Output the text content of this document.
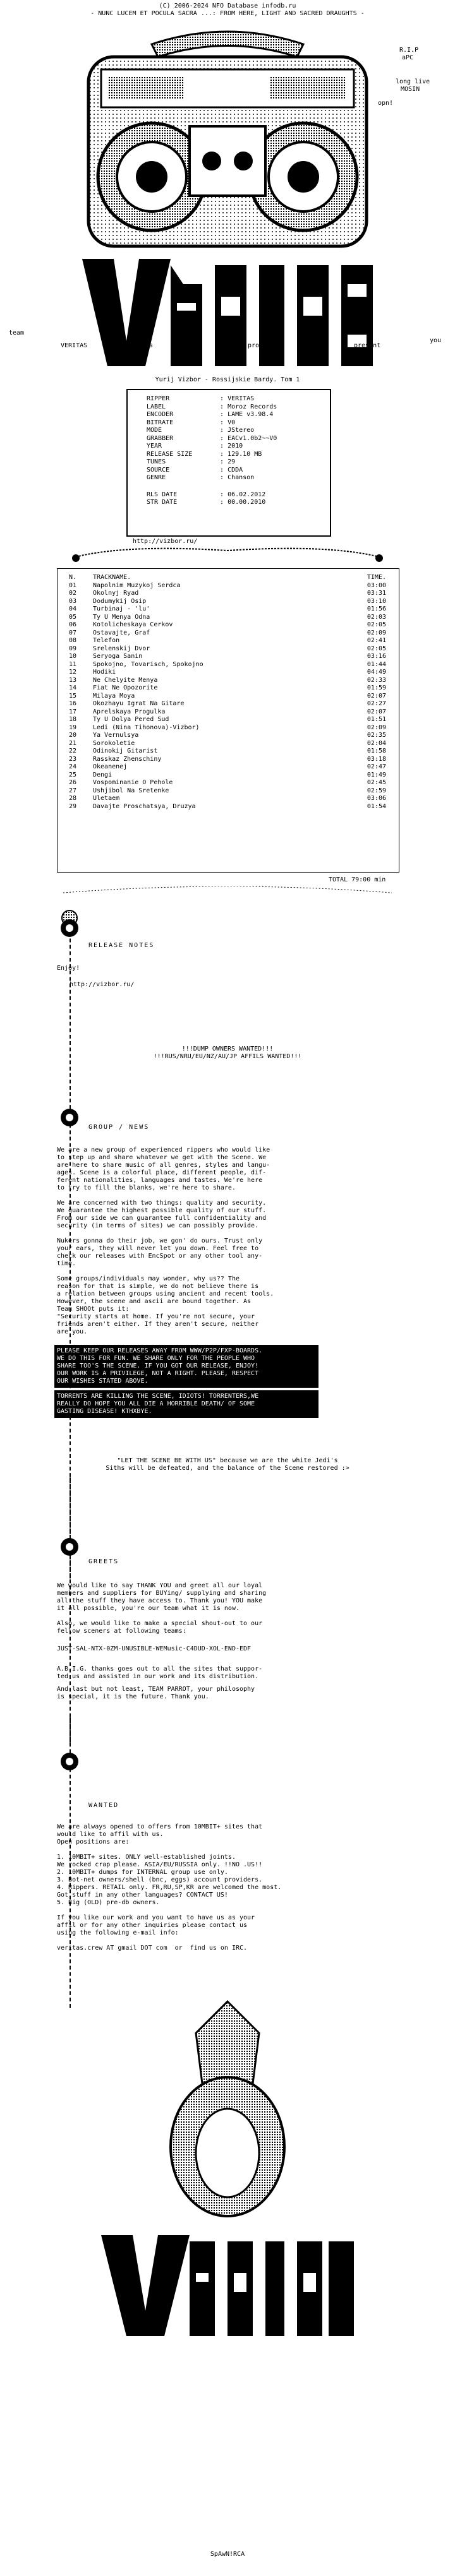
(C) 2006-2024 NFO Database infodb.ru
- NUNC LUCEM ET POCULA SACRA ...: FROM HERE, LIGHT AND SACRED DRAUGHTS -
R.I.P
aPC
long live
MOSIN
opn!
team
you
VERITAS	is	very	proud	2	present
Yurij Vizbor - Rossijskie Bardy. Tom 1
RIPPER	: VERITAS
LABEL	: Moroz Records
ENCODER	: LAME v3.98.4
BITRATE	: V0
MODE	: JStereo
GRABBER	: EACv1.0b2~~V0
YEAR	: 2010
RELEASE SIZE	: 129.10 MB
TUNES	: 29
SOURCE	: CDDA
GENRE	: Chanson
RLS DATE	: 06.02.2012
STR DATE	: 00.00.2010
http://vizbor.ru/
N.	TRACKNAME.	TIME.
01	Napolnim Muzykoj Serdca	03:00
02	Okolnyj Ryad	03:31
03	Dodumykij Osip	03:10
04	Turbinaj - 'lu'	01:56
05	Ty U Menya Odna	02:03
06	Kotolicheskaya Cerkov	02:05
07	Ostavajte, Graf	02:09
08	Telefon	02:41
09	Srelenskij Dvor	02:05
10	Seryoga Sanin	03:16
11	Spokojno, Tovarisch, Spokojno	01:44
12	Hodiki	04:49
13	Ne Chelyite Menya	02:33
14	Fiat Ne Opozorite	01:59
15	Milaya Moya	02:07
16	Okozhayu Igrat Na Gitare	02:27
17	Aprelskaya Progulka	02:07
18	Ty U Dolya Pered Sud	01:51
19	Ledi (Nina Tihonova)-Vizbor)	02:09
20	Ya Vernulsya	02:35
21	Sorokoletie	02:04
22	Odinokij Gitarist	01:58
23	Rasskaz Zhenschiny	03:18
24	Okeanenej	02:47
25	Dengi	01:49
26	Vospominanie O Pehole	02:45
27	Ushjibol Na Sretenke	02:59
28	Uletaem	03:06
29	Davajte Proschatsya, Druzya	01:54
TOTAL 79:00 min
RELEASE NOTES
Enjoy!
http://vizbor.ru/
!!!DUMP OWNERS WANTED!!!
!!!RUS/NRU/EU/NZ/AU/JP AFFILS WANTED!!!
GROUP / NEWS
We are a new group of experienced rippers who would like
to step up and share whatever we get with the Scene. We
are here to share music of all genres, styles and langu-
ages. Scene is a colorful place, different people, dif-
ferent nationalities, languages and tastes. We're here
to try to fill the blanks, we're here to share.
We are concerned with two things: quality and security.
We guarantee the highest possible quality of our stuff.
From our side we can guarantee full confidentiality and
security (in terms of sites) we can possibly provide.
Nukers gonna do their job, we gon' do ours. Trust only
your ears, they will never let you down. Feel free to
check our releases with EncSpot or any other tool any-
time.
Some groups/individuals may wonder, why us?? The
reason for that is simple, we do not believe there is
a relation between groups using ancient and recent tools.
However, the scene and ascii are bound together. As
Team SHOOt puts it:
"Security starts at home. If you're not secure, your
friends aren't either. If they aren't secure, neither
are you.
PLEASE KEEP OUR RELEASES AWAY FROM WWW/P2P/FXP-BOARDS.
WE DO THIS FOR FUN. WE SHARE ONLY FOR THE PEOPLE WHO
SHARE TOO'S THE SCENE. IF YOU GOT OUR RELEASE, ENJOY!
OUR WORK IS A PRIVILEGE, NOT A RIGHT. PLEASE, RESPECT
OUR WISHES STATED ABOVE.
TORRENTS ARE KILLING THE SCENE, IDIOTS! TORRENTERS,WE
REALLY DO HOPE YOU ALL DIE A HORRIBLE DEATH/ OF SOME
GASTING DISEASE! KTHXBYE.
"LET THE SCENE BE WITH US" because we are the white Jedi's
Siths will be defeated, and the balance of the Scene restored :>
GREETS
We would like to say THANK YOU and greet all our loyal
members and suppliers for BUYing/ supplying and sharing
all the stuff they have access to. Thank you! YOU make
it all possible, you're our team what it is now.
Also, we would like to make a special shout-out to our
fellow sceners at following teams:
JUST-SAL-NTX-0ZM-UNUSIBLE-WEMusic-C4DUD-XOL-END-EDF
A.B.I.G. thanks goes out to all the sites that suppor-
ted us and assisted in our work and its distribution.
And last but not least, TEAM PARROT, your philosophy
is special, it is the future. Thank you.
WANTED
We are always opened to offers from 10MBIT+ sites that
would like to affil with us.
Open positions are:
1. 10MBIT+ sites. ONLY well-established joints.
We rocked crap please. ASIA/EU/RUSSIA only. !!NO .US!!
2. 10MBIT+ dumps for INTERNAL group use only.
3. Bot-net owners/shell (bnc, eggs) account providers.
4. Rippers. RETAIL only. FR,RU,SP,KR are welcomed the most.
Got stuff in any other languages? CONTACT US!
5. Big (OLD) pre-db owners.
If you like our work and you want to have us as your
affil or for any other inquiries please contact us
using the following e-mail info:
veritas.crew AT gmail DOT com  or  find us on IRC.
SpAwN!RCA
